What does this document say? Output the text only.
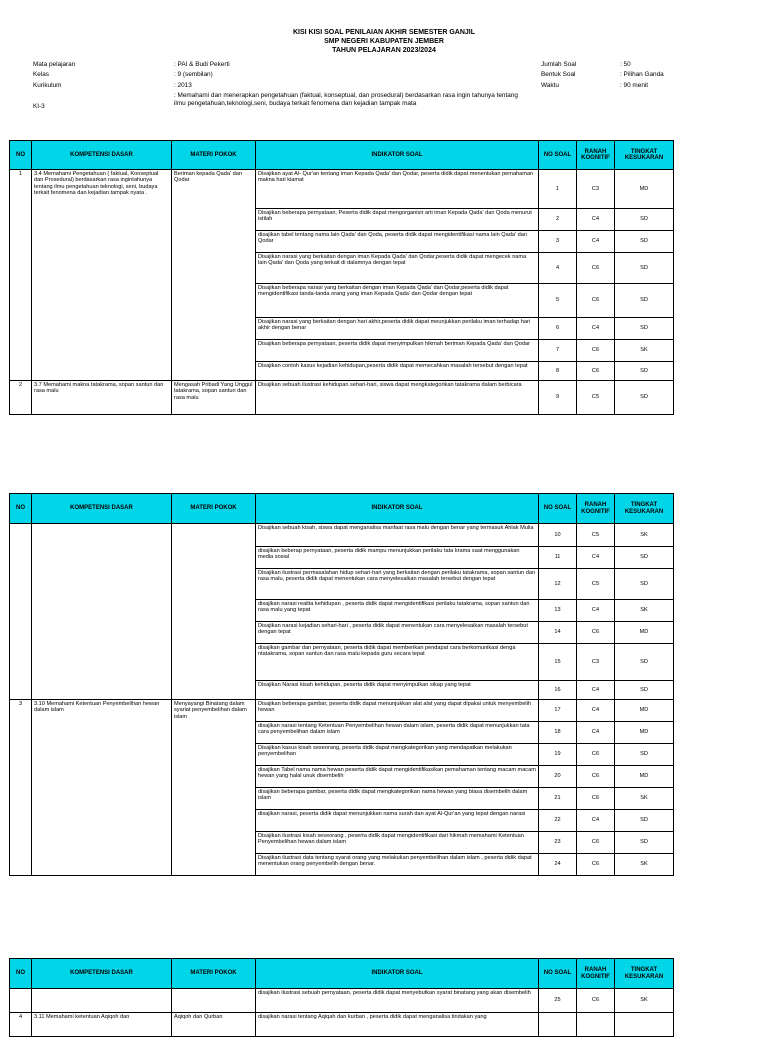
KISI KISI SOAL PENILAIAN AKHIR SEMESTER GANJIL
SMP NEGERI KABUPATEN JEMBER
TAHUN PELAJARAN 2023/2024
Mata pelajaran	: PAI & Budi Pekerti
Kelas	: 9 (sembilan)
Kurikulum	: 2013
KI-3
: Memahami dan menerapkan pengetahuan (faktual, konseptual, dan prosedural) berdasarkan rasa ingin tahunya tentang ilmu pengetahuan,teknologi,seni, budaya terkait fenomena dan kejadian tampak mata
Jumlah Soal	: 50
Bentuk Soal	: Pilihan Ganda
Waktu	: 90 menit
NO	KOMPETENSI DASAR	MATERI POKOK	INDIKATOR SOAL	NO SOAL	RANAH KOGNITIF	TINGKAT KESUKARAN
1	3.4 Memahami Pengetahuan ( faktual, Konseptual dan Prosedural) berdasarkan rasa ingintahunya tentang ilmu pengetahuan teknologi, seni, budaya terkait fenomena dan kejadian tampak nyata .	Beriman kepada Qada' dan Qodar	Disajikan ayat Al- Qur'an tentang iman Kepada Qada' dan Qodar, peserta didik dapat menentukan pemahaman makna hari kiamat	1	C3	MD
			Disajikan beberapa pernyataan, Peserta didik dapat mengorganisir arti iman Kepada Qada' dan Qoda menurut istilah	2	C4	SD
			disajikan tabel tentang nama lain Qada' dan Qoda, peserta didik dapat mengidentifikasi nama lain Qada' dan Qodar	3	C4	SD
			Disajikan narasi yang berkaitan dengan iman Kepada Qada' dan Qodar,peserta didik dapat mengecek nama lain Qada' dan Qoda yang terkait di dalamnya dengan tepat	4	C6	SD
			Disajikan beberapa narasi yang berkaitan dengan iman Kepada Qada' dan Qodar,peserta didik dapat mengidentifikasi tanda-tanda orang yang iman Kepada Qada' dan Qodar dengan tepat	5	C6	SD
			Disajikan narasi yang berkaitan dengan hari akhir,peserta didik dapat meunjukkan perilaku iman terhadap hari akhir dengan benar	6	C4	SD
			Disajikan beberapa pernyataan, peserta didik dapat menyimpulkan hikmah beriman Kepada Qada' dan Qodar	7	C6	SK
			Disajikan contoh kasus kejadian kehidupan,peserta didik dapat memecahkan masalah tersebut dengan tepat	8	C6	SD
2	3.7 Memahami makna tatakrama, sopan santun dan rasa malu	Mengasah Pribadi Yang Unggul tatakrama, sopan santun dan rasa malu	Disajikan sebuah ilustrasi kehidupan sehari-hari, siswa dapat mengkategorikan tatakrama dalam berbicara	9	C5	SD
NO	KOMPETENSI DASAR	MATERI POKOK	INDIKATOR SOAL	NO SOAL	RANAH KOGNITIF	TINGKAT KESUKARAN
			Disajikan sebuah kisah, siswa dapat menganalisa manfaat rasa malu dengan benar yang termasuk Ahlak Mulia	10	C5	SK
			disajikan beberap pernyataan, peserta didik mampu menunjukkan perilaku tata krama saat menggunakan media sosial	11	C4	SD
			Disajikan ilustrasi permasalahan hidup sehari-hari yang berkaitan dengan perilaku tatakrama, sopan santun dan rasa malu, peserta didik dapat menentukan cara menyelesaikan masalah tersebut dengan tepat	12	C5	SD
			disajikan narasi realita kehidupan , peserta didik dapat mengidentifikasi perilaku tatakrama, sopan santun dan rasa malu yang tepat	13	C4	SK
			Disajikan narasi kejadian sehari-hari , peserta didik dapat menentukan cara menyelesaikan masalah tersebut dengan tepat	14	C6	MD
			disajikan gambar dan pernyataan, peserta didik dapat memberikan pendapat cara berkomunikasi denga ntatakrama, sopan santun dan rasa malu kepada guru secara tepat	15	C3	SD
			Disajikan Narasi kisah kehidupan, peserta didik dapat menyimpulkan sikap yang tepat	16	C4	SD
3	3.10 Memahami Ketentuan Penyembelihan hewan dalam islam	Menyayangi Binatang dalam syariat penyembelihan dalam islam	Disajikan beberapa gambar, peserta didik dapat menunjukkan alat alat yang dapat dipakai untuk menyembelih hewan	17	C4	MD
			disajikan narasi tentang Ketentuan Penyembelihan hewan dalam islam, peserta didik dapat menunjukkan tata cara penyembelihan dalam islam	18	C4	MD
			Disajikan kasus kisah seseorang, peserta didik dapat mengkategorikan yang mendapatkan melakukan penyembelihan	19	C6	SD
			disajikan Tabel nama nama hewan peserta didik dapat mengidentifikasikan pemahaman tentang macam macam hewan yang halal unuk disembelih	20	C6	MD
			disajikan beberapa gambar, peserta didik dapat mengkategorikan nama hewan yang biasa disembelih dalam islam	21	C6	SK
			disajikan narasi, peserta didik dapat menunjukkan nama surah dan ayat Al-Qur'an yang tepat dengan narasi	22	C4	SD
			Disajikan ilustrasi kisah seseorang , peserta didik dapat mengidentifikasi dari hikmah memahami Ketentuan Penyembelihan hewan dalam islam	23	C6	SD
			Disajikan ilustrasi data tentang syarat orang yang melakukan penyembelihan dalam islam , peserta didik dapat menentukan orang penyembelih dengan benar.	24	C6	SK
NO	KOMPETENSI DASAR	MATERI POKOK	INDIKATOR SOAL	NO SOAL	RANAH KOGNITIF	TINGKAT KESUKARAN
			disajikan ilustrasi sebuah pernyataan, peserta didik dapat menyebutkan syarat binatang yang akan disembelih	25	C6	SK
4	3.11 Memahami ketentuan Aqiqoh dan	Aqiqoh dan Qurban	disajikan narasi tentang Aqiqah dan kurban , peserta didik dapat menganalisa tindakan yang			
